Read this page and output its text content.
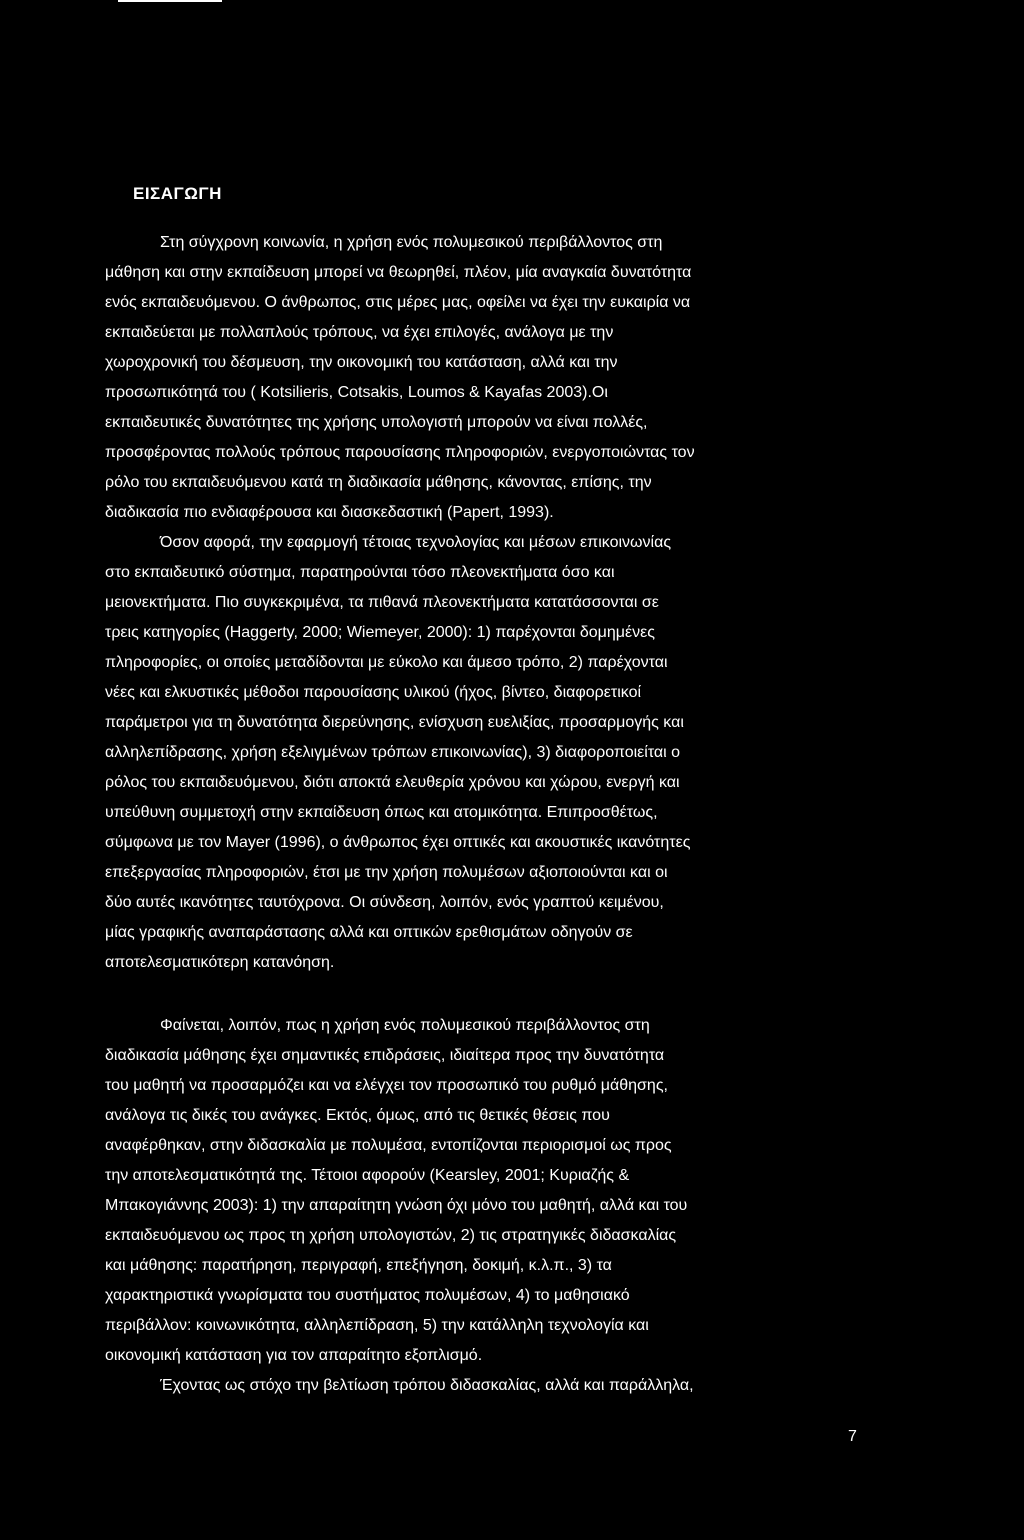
ΕΙΣΑΓΩΓΗ
Στη σύγχρονη κοινωνία, η χρήση ενός πολυμεσικού περιβάλλοντος στη
μάθηση και στην εκπαίδευση μπορεί να θεωρηθεί, πλέον, μία αναγκαία δυνατότητα
ενός εκπαιδευόμενου. Ο άνθρωπος, στις μέρες μας, οφείλει να έχει την ευκαιρία να
εκπαιδεύεται με πολλαπλούς τρόπους, να έχει επιλογές, ανάλογα με την
χωροχρονική του δέσμευση, την οικονομική του κατάσταση, αλλά και την
προσωπικότητά του ( Kotsilieris, Cotsakis, Loumos & Kayafas 2003).Οι
εκπαιδευτικές δυνατότητες της χρήσης υπολογιστή μπορούν να είναι πολλές,
προσφέροντας πολλούς τρόπους παρουσίασης πληροφοριών, ενεργοποιώντας τον
ρόλο του εκπαιδευόμενου κατά τη διαδικασία μάθησης, κάνοντας, επίσης, την
διαδικασία πιο ενδιαφέρουσα και διασκεδαστική (Papert, 1993).
Όσον αφορά, την εφαρμογή τέτοιας τεχνολογίας και μέσων επικοινωνίας
στο εκπαιδευτικό σύστημα, παρατηρούνται τόσο πλεονεκτήματα όσο και
μειονεκτήματα. Πιο συγκεκριμένα, τα πιθανά πλεονεκτήματα κατατάσσονται σε
τρεις κατηγορίες (Haggerty, 2000; Wiemeyer, 2000): 1) παρέχονται δομημένες
πληροφορίες, οι οποίες μεταδίδονται με εύκολο και άμεσο τρόπο, 2) παρέχονται
νέες και ελκυστικές μέθοδοι παρουσίασης υλικού (ήχος, βίντεο, διαφορετικοί
παράμετροι για τη δυνατότητα διερεύνησης, ενίσχυση ευελιξίας, προσαρμογής και
αλληλεπίδρασης, χρήση εξελιγμένων τρόπων επικοινωνίας), 3) διαφοροποιείται ο
ρόλος του εκπαιδευόμενου, διότι αποκτά ελευθερία χρόνου και χώρου, ενεργή και
υπεύθυνη συμμετοχή στην εκπαίδευση όπως και ατομικότητα. Επιπροσθέτως,
σύμφωνα με τον Mayer (1996), ο άνθρωπος έχει οπτικές και ακουστικές ικανότητες
επεξεργασίας πληροφοριών, έτσι με την χρήση πολυμέσων αξιοποιούνται και οι
δύο αυτές ικανότητες ταυτόχρονα. Οι σύνδεση, λοιπόν, ενός γραπτού κειμένου,
μίας γραφικής αναπαράστασης αλλά και οπτικών ερεθισμάτων οδηγούν σε
αποτελεσματικότερη κατανόηση.
Φαίνεται, λοιπόν, πως η χρήση ενός πολυμεσικού περιβάλλοντος στη
διαδικασία μάθησης έχει σημαντικές επιδράσεις, ιδιαίτερα προς την δυνατότητα
του μαθητή να προσαρμόζει και να ελέγχει τον προσωπικό του ρυθμό μάθησης,
ανάλογα τις δικές του ανάγκες. Εκτός, όμως, από τις θετικές θέσεις που
αναφέρθηκαν, στην διδασκαλία με πολυμέσα, εντοπίζονται περιορισμοί ως προς
την αποτελεσματικότητά της. Τέτοιοι αφορούν (Kearsley, 2001; Κυριαζής &
Μπακογιάννης 2003): 1) την απαραίτητη γνώση όχι μόνο του μαθητή, αλλά και του
εκπαιδευόμενου ως προς τη χρήση υπολογιστών, 2) τις στρατηγικές διδασκαλίας
και μάθησης: παρατήρηση, περιγραφή, επεξήγηση, δοκιμή, κ.λ.π., 3) τα
χαρακτηριστικά γνωρίσματα του συστήματος πολυμέσων, 4) το μαθησιακό
περιβάλλον: κοινωνικότητα, αλληλεπίδραση, 5) την κατάλληλη τεχνολογία και
οικονομική κατάσταση για τον απαραίτητο εξοπλισμό.
Έχοντας ως στόχο την βελτίωση τρόπου διδασκαλίας, αλλά και παράλληλα,
7
